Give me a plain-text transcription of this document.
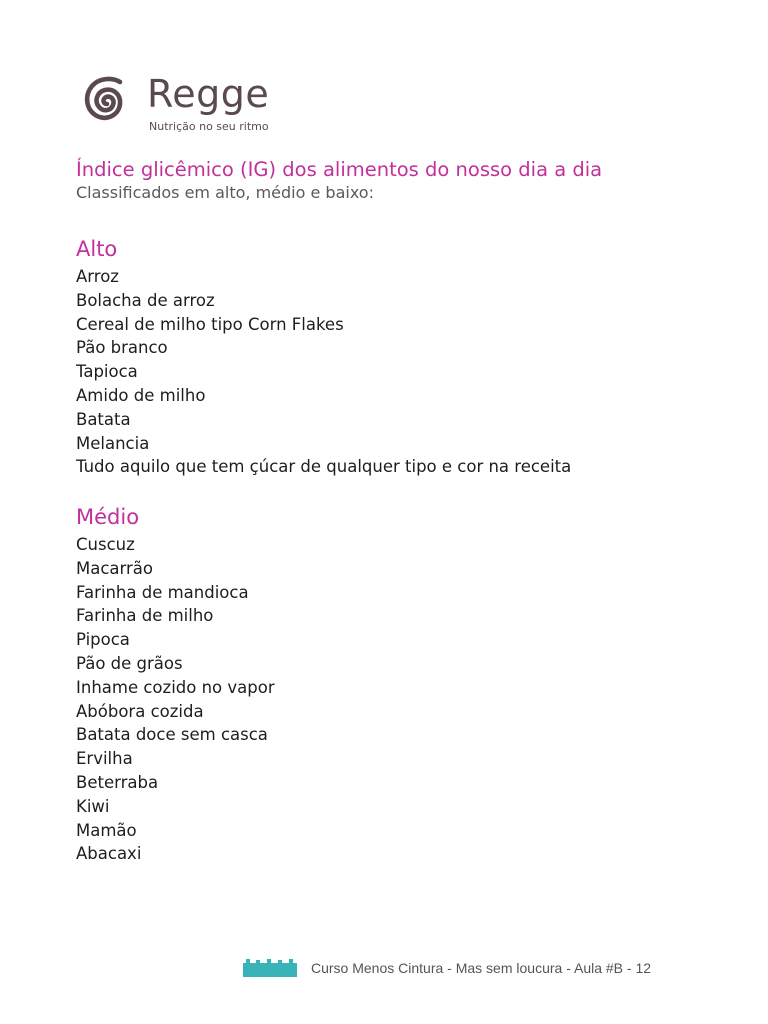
Regge
Nutrição no seu ritmo
Índice glicêmico (IG) dos alimentos do nosso dia a dia

Classificados em alto, médio e baixo:

Alto
Arroz
Bolacha de arroz
Cereal de milho tipo Corn Flakes
Pão branco
Tapioca
Amido de milho
Batata
Melancia
Tudo aquilo que tem çúcar de qualquer tipo e cor na receita
Médio
Cuscuz
Macarrão
Farinha de mandioca
Farinha de milho
Pipoca
Pão de grãos
Inhame cozido no vapor
Abóbora cozida
Batata doce sem casca
Ervilha
Beterraba
Kiwi
Mamão
Abacaxi
Curso Menos Cintura - Mas sem loucura - Aula #B - 12
